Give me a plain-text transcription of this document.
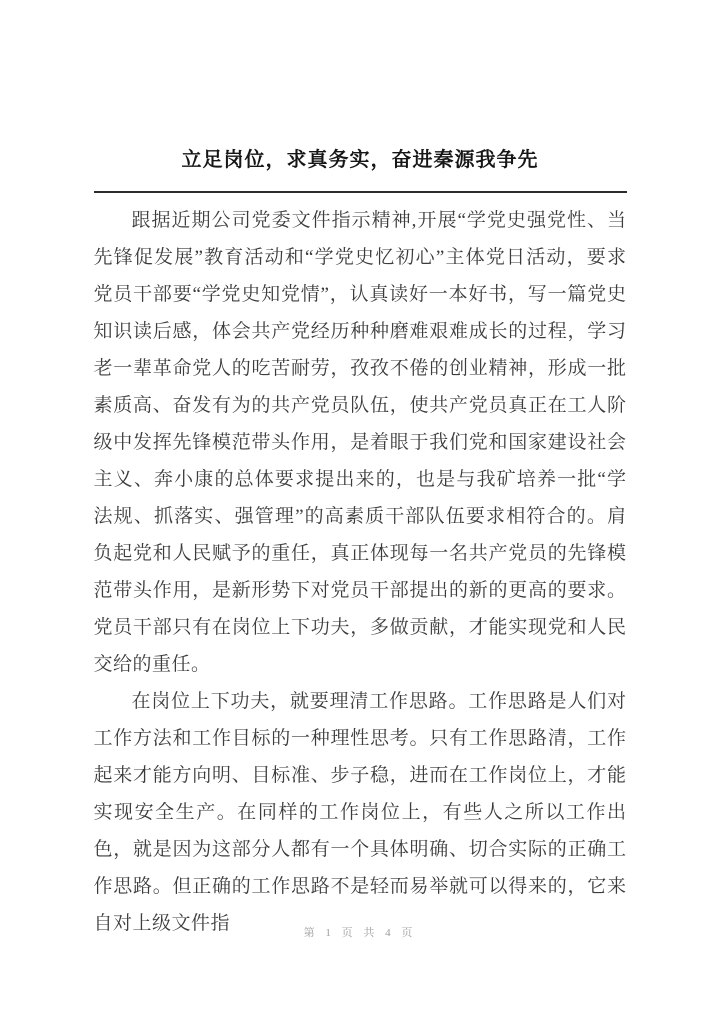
立足岗位，求真务实，奋进秦源我争先

跟据近期公司党委文件指示精神,开展“学党史强党性、当先锋促发展”教育活动和“学党史忆初心”主体党日活动，要求党员干部要“学党史知党情”，认真读好一本好书，写一篇党史知识读后感，体会共产党经历种种磨难艰难成长的过程，学习老一辈革命党人的吃苦耐劳，孜孜不倦的创业精神，形成一批素质高、奋发有为的共产党员队伍，使共产党员真正在工人阶级中发挥先锋模范带头作用，是着眼于我们党和国家建设社会主义、奔小康的总体要求提出来的，也是与我矿培养一批“学法规、抓落实、强管理”的高素质干部队伍要求相符合的。肩负起党和人民赋予的重任，真正体现每一名共产党员的先锋模范带头作用，是新形势下对党员干部提出的新的更高的要求。党员干部只有在岗位上下功夫，多做贡献，才能实现党和人民交给的重任。

在岗位上下功夫，就要理清工作思路。工作思路是人们对工作方法和工作目标的一种理性思考。只有工作思路清，工作起来才能方向明、目标准、步子稳，进而在工作岗位上，才能实现安全生产。在同样的工作岗位上，有些人之所以工作出色，就是因为这部分人都有一个具体明确、切合实际的正确工作思路。但正确的工作思路不是轻而易举就可以得来的，它来自对上级文件指	第 1 页 共 4 页
